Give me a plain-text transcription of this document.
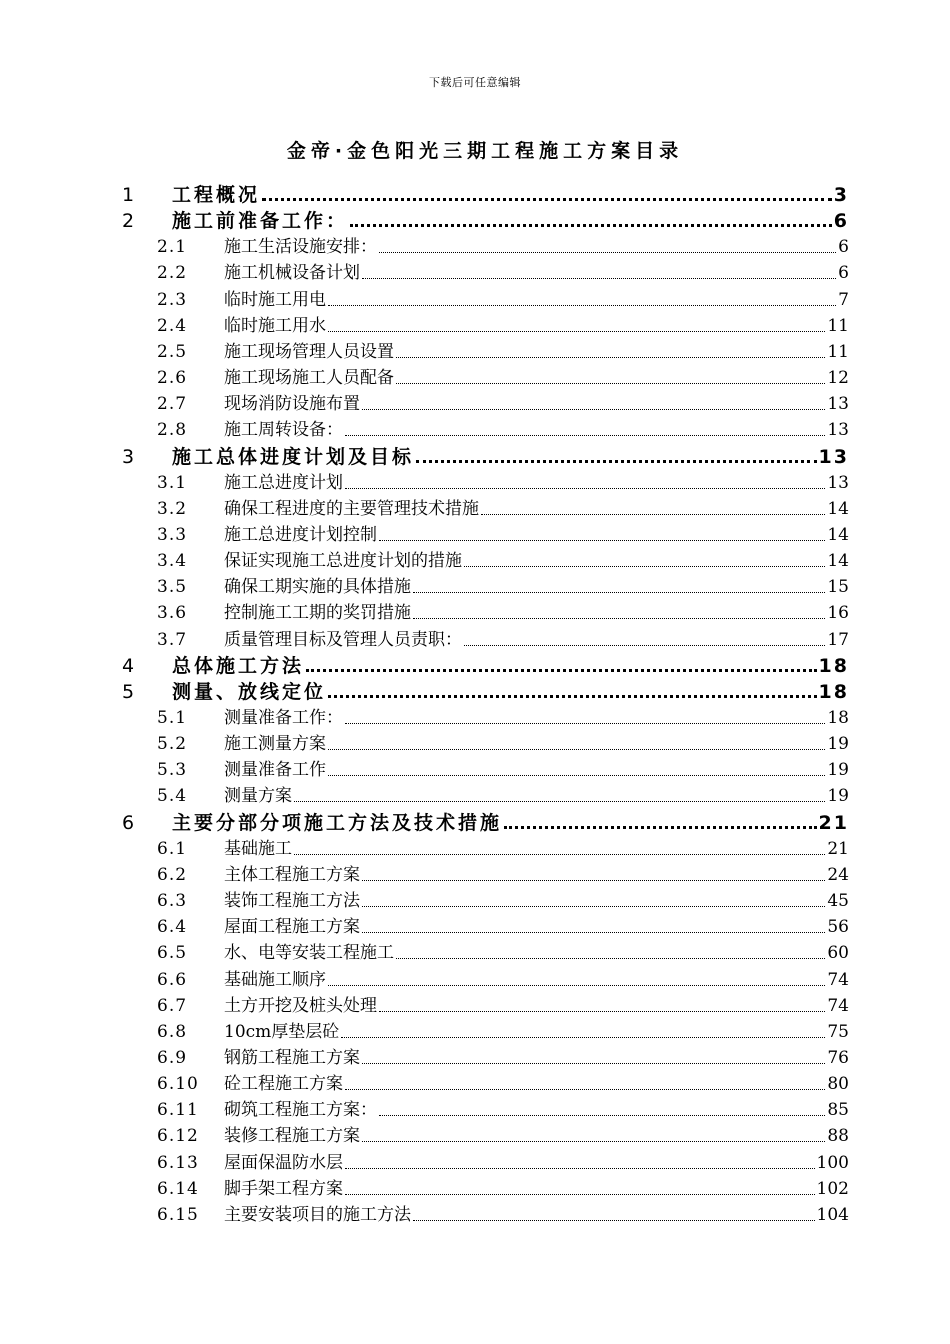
下载后可任意编辑
金帝·金色阳光三期工程施工方案目录
1 工程概况	3
2 施工前准备工作：	6
2.1 施工生活设施安排：	6
2.2 施工机械设备计划	6
2.3 临时施工用电	7
2.4 临时施工用水	11
2.5 施工现场管理人员设置	11
2.6 施工现场施工人员配备	12
2.7 现场消防设施布置	13
2.8 施工周转设备：	13
3 施工总体进度计划及目标	13
3.1 施工总进度计划	13
3.2 确保工程进度的主要管理技术措施	14
3.3 施工总进度计划控制	14
3.4 保证实现施工总进度计划的措施	14
3.5 确保工期实施的具体措施	15
3.6 控制施工工期的奖罚措施	16
3.7 质量管理目标及管理人员责职：	17
4 总体施工方法	18
5 测量、放线定位	18
5.1 测量准备工作：	18
5.2 施工测量方案	19
5.3 测量准备工作	19
5.4 测量方案	19
6 主要分部分项施工方法及技术措施	21
6.1 基础施工	21
6.2 主体工程施工方案	24
6.3 装饰工程施工方法	45
6.4 屋面工程施工方案	56
6.5 水、电等安装工程施工	60
6.6 基础施工顺序	74
6.7 土方开挖及桩头处理	74
6.8 10cm厚垫层砼	75
6.9 钢筋工程施工方案	76
6.10 砼工程施工方案	80
6.11 砌筑工程施工方案：	85
6.12 装修工程施工方案	88
6.13 屋面保温防水层	100
6.14 脚手架工程方案	102
6.15 主要安装项目的施工方法	104
